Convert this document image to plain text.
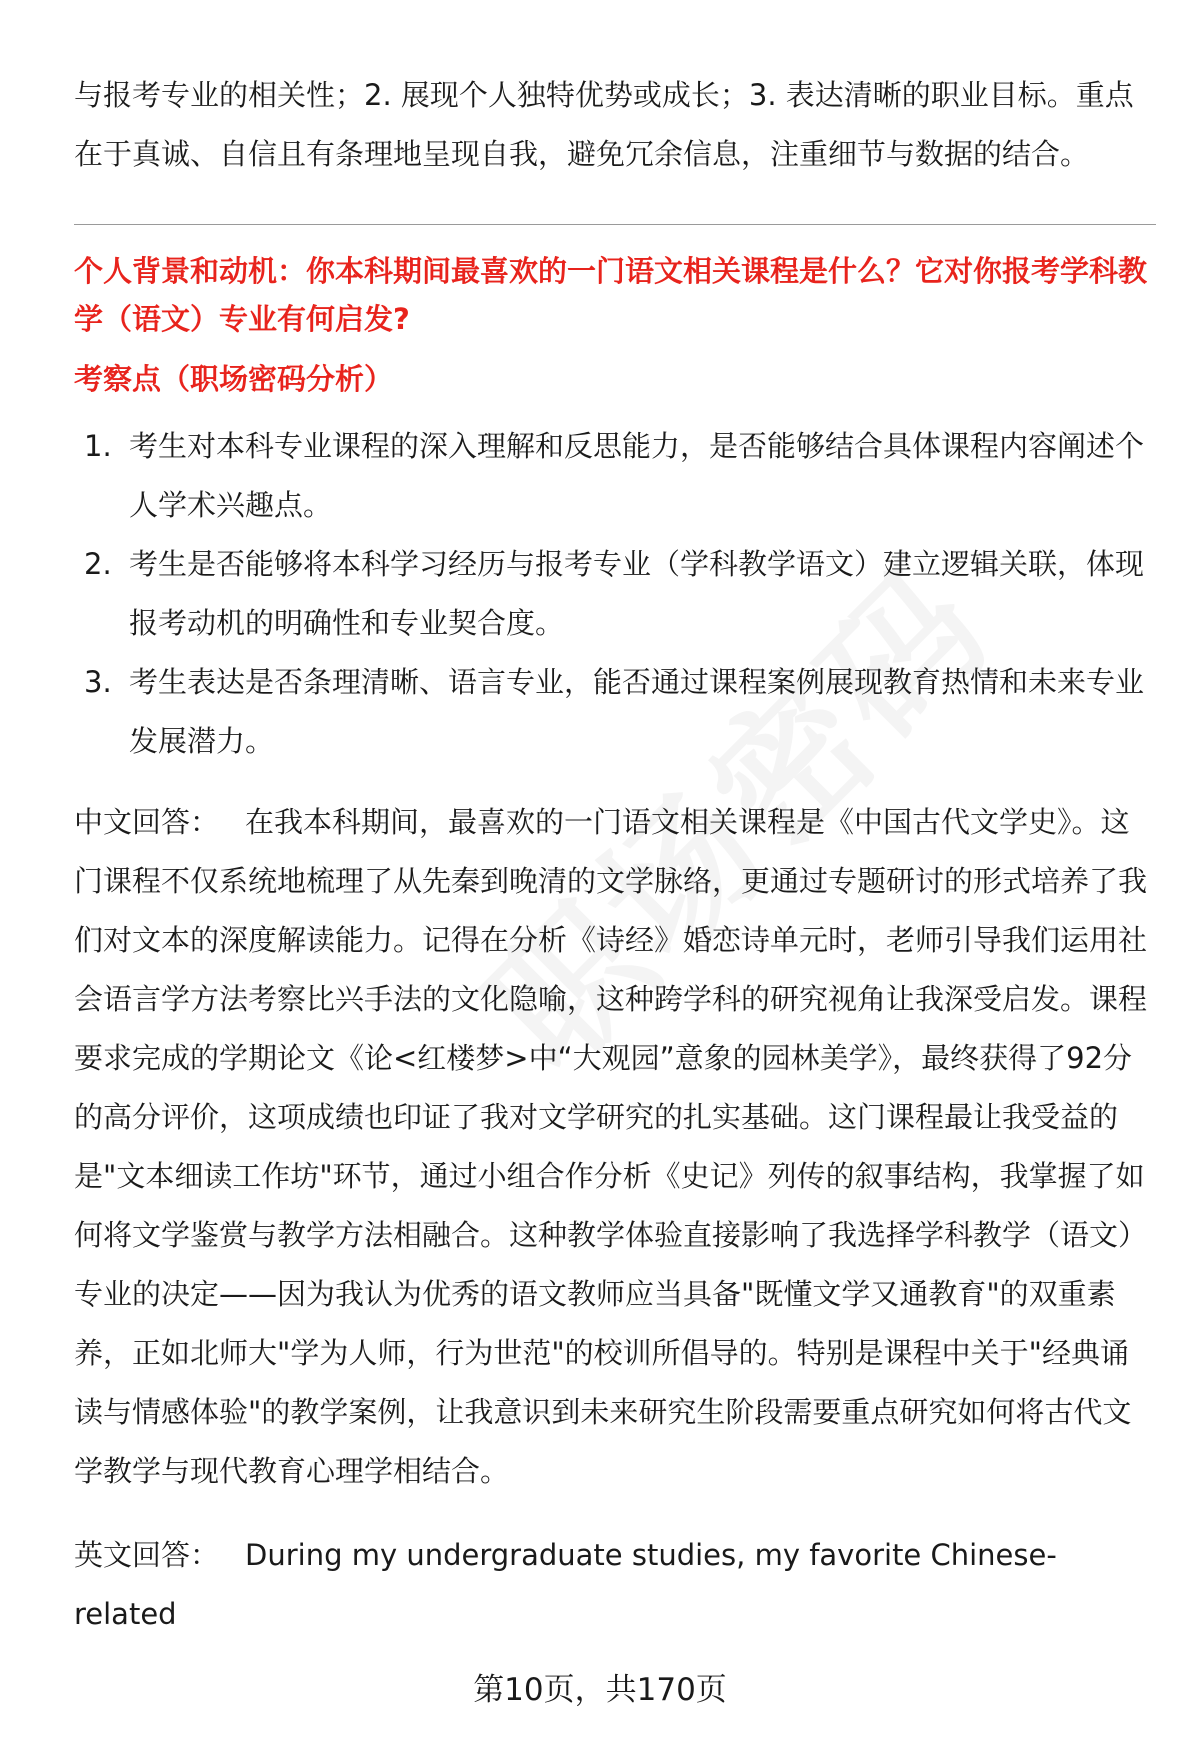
与报考专业的相关性；2. 展现个人独特优势或成长；3. 表达清晰的职业目标。重点在于真诚、自信且有条理地呈现自我，避免冗余信息，注重细节与数据的结合。

个人背景和动机：你本科期间最喜欢的一门语文相关课程是什么？它对你报考学科教学（语文）专业有何启发?

考察点（职场密码分析）

1. 考生对本科专业课程的深入理解和反思能力，是否能够结合具体课程内容阐述个人学术兴趣点。
2. 考生是否能够将本科学习经历与报考专业（学科教学语文）建立逻辑关联，体现报考动机的明确性和专业契合度。
3. 考生表达是否条理清晰、语言专业，能否通过课程案例展现教育热情和未来专业发展潜力。

中文回答： 在我本科期间，最喜欢的一门语文相关课程是《中国古代文学史》。这门课程不仅系统地梳理了从先秦到晚清的文学脉络，更通过专题研讨的形式培养了我们对文本的深度解读能力。记得在分析《诗经》婚恋诗单元时，老师引导我们运用社会语言学方法考察比兴手法的文化隐喻，这种跨学科的研究视角让我深受启发。课程要求完成的学期论文《论<红楼梦>中“大观园”意象的园林美学》，最终获得了92分的高分评价，这项成绩也印证了我对文学研究的扎实基础。这门课程最让我受益的是"文本细读工作坊"环节，通过小组合作分析《史记》列传的叙事结构，我掌握了如何将文学鉴赏与教学方法相融合。这种教学体验直接影响了我选择学科教学（语文）专业的决定——因为我认为优秀的语文教师应当具备"既懂文学又通教育"的双重素养，正如北师大"学为人师，行为世范"的校训所倡导的。特别是课程中关于"经典诵读与情感体验"的教学案例，让我意识到未来研究生阶段需要重点研究如何将古代文学教学与现代教育心理学相结合。

英文回答： During my undergraduate studies, my favorite Chinese-related

第10页，共170页
